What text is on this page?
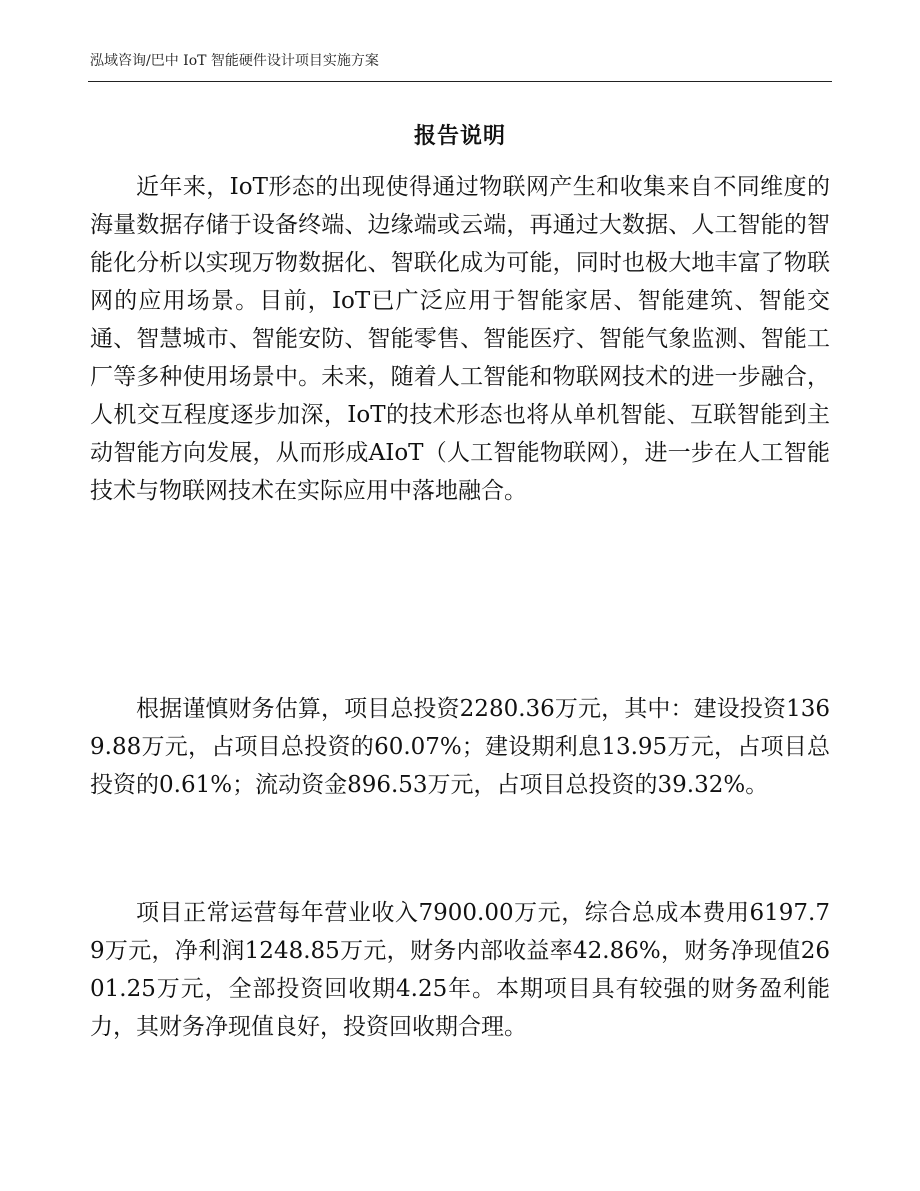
泓域咨询/巴中 IoT 智能硬件设计项目实施方案
报告说明

近年来，IoT形态的出现使得通过物联网产生和收集来自不同维度的海量数据存储于设备终端、边缘端或云端，再通过大数据、人工智能的智能化分析以实现万物数据化、智联化成为可能，同时也极大地丰富了物联网的应用场景。目前，IoT已广泛应用于智能家居、智能建筑、智能交通、智慧城市、智能安防、智能零售、智能医疗、智能气象监测、智能工厂等多种使用场景中。未来，随着人工智能和物联网技术的进一步融合，人机交互程度逐步加深，IoT的技术形态也将从单机智能、互联智能到主动智能方向发展，从而形成AIoT（人工智能物联网），进一步在人工智能技术与物联网技术在实际应用中落地融合。

根据谨慎财务估算，项目总投资2280.36万元，其中：建设投资1369.88万元，占项目总投资的60.07%；建设期利息13.95万元，占项目总投资的0.61%；流动资金896.53万元，占项目总投资的39.32%。

项目正常运营每年营业收入7900.00万元，综合总成本费用6197.79万元，净利润1248.85万元，财务内部收益率42.86%，财务净现值2601.25万元，全部投资回收期4.25年。本期项目具有较强的财务盈利能力，其财务净现值良好，投资回收期合理。
